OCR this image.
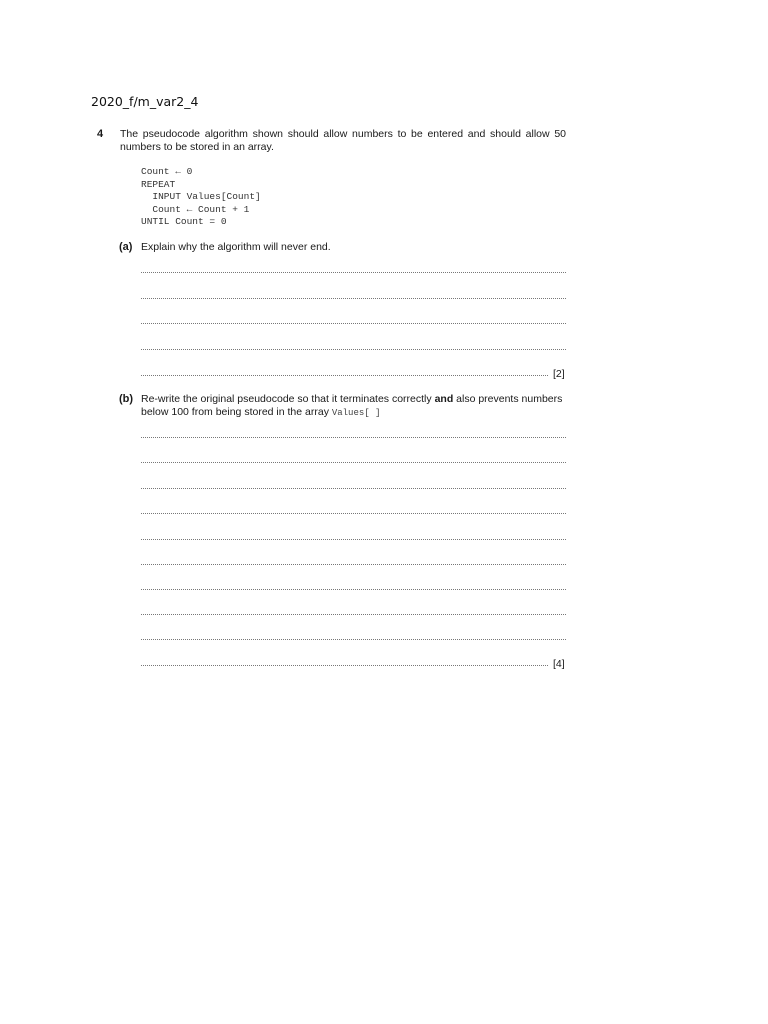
2020_f/m_var2_4
4 The pseudocode algorithm shown should allow numbers to be entered and should allow 50 numbers to be stored in an array.
Count ← 0
REPEAT
INPUT Values[Count]
Count ← Count + 1
UNTIL Count = 0
(a) Explain why the algorithm will never end.
[2]
(b) Re-write the original pseudocode so that it terminates correctly and also prevents numbers below 100 from being stored in the array Values[ ]
[4]
